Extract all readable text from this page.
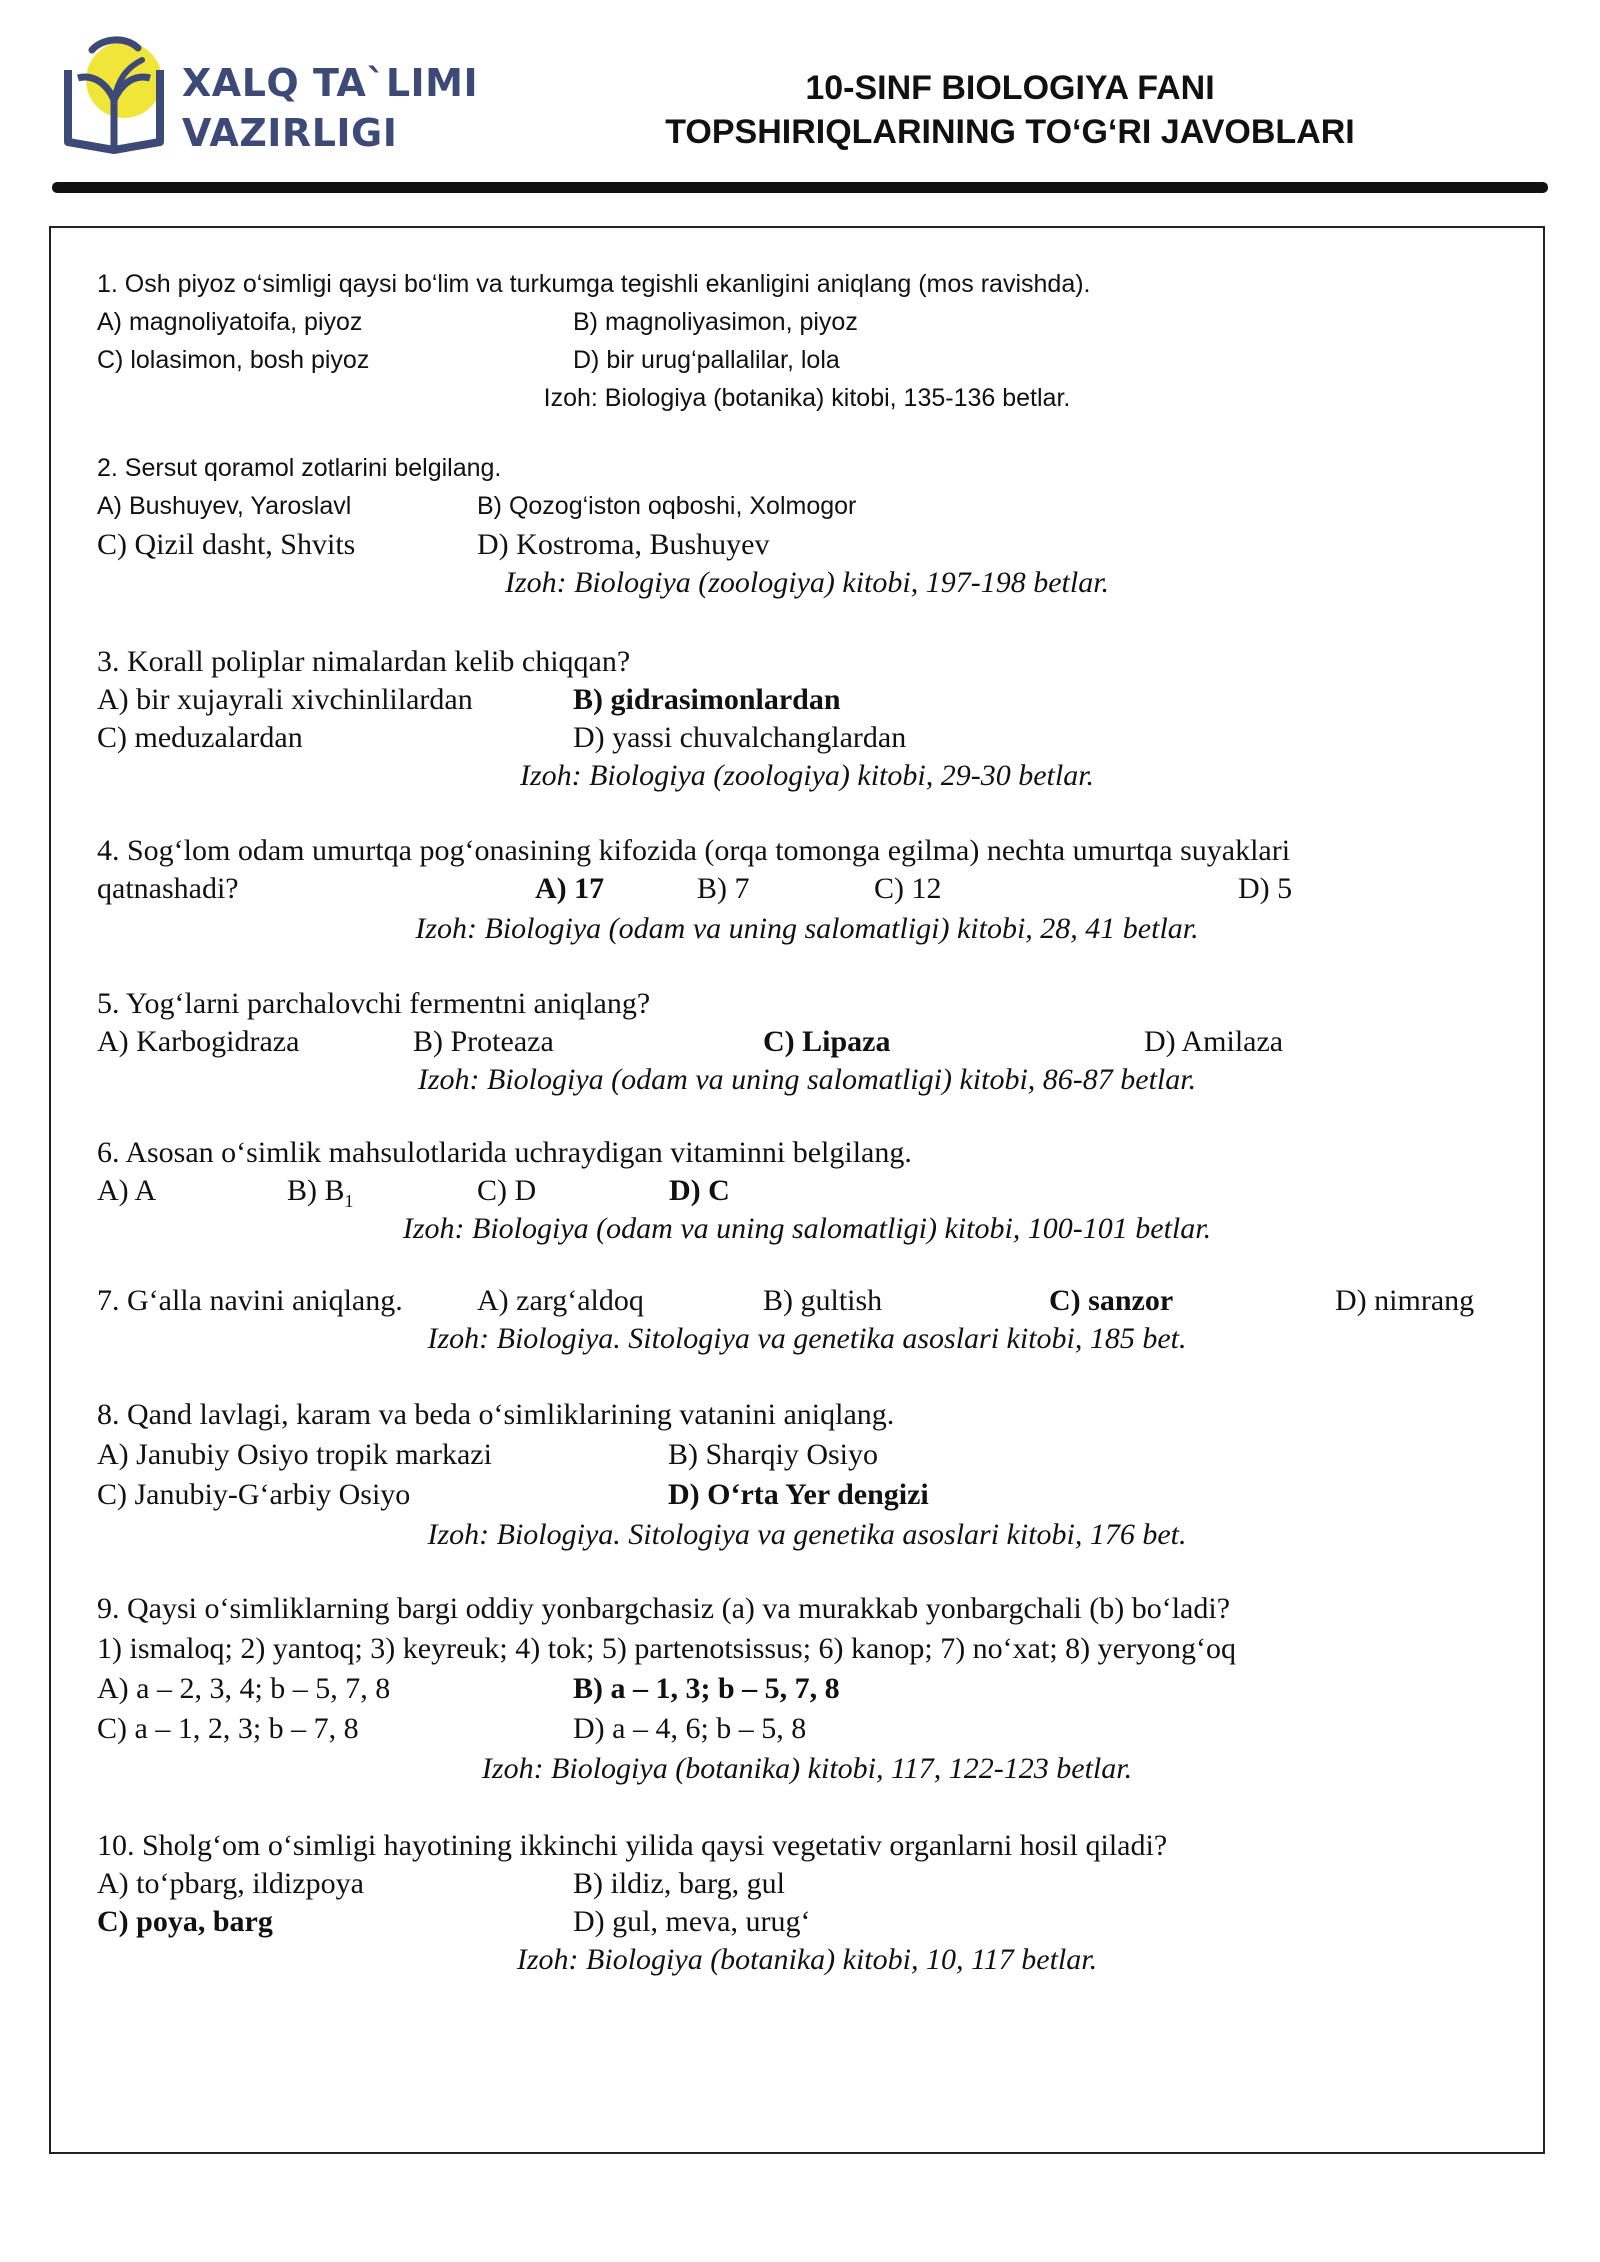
XALQ TA`LIMI
VAZIRLIGI
10-SINF BIOLOGIYA FANI
TOPSHIRIQLARINING TO‘G‘RI JAVOBLARI
1. Osh piyoz o‘simligi qaysi bo‘lim va turkumga tegishli ekanligini aniqlang (mos ravishda).
A) magnoliyatoifa, piyoz	B) magnoliyasimon, piyoz
C) lolasimon, bosh piyoz	D) bir urug‘pallalilar, lola
Izoh: Biologiya (botanika) kitobi, 135-136 betlar.
2. Sersut qoramol zotlarini belgilang.
A) Bushuyev, Yaroslavl	B) Qozog‘iston oqboshi, Xolmogor
C) Qizil dasht, Shvits	D) Kostroma, Bushuyev
Izoh: Biologiya (zoologiya) kitobi, 197-198 betlar.
3. Korall poliplar nimalardan kelib chiqqan?
A) bir xujayrali xivchinlilardan	B) gidrasimonlardan
C) meduzalardan	D) yassi chuvalchanglardan
Izoh: Biologiya (zoologiya) kitobi, 29-30 betlar.
4. Sog‘lom odam umurtqa pog‘onasining kifozida (orqa tomonga egilma) nechta umurtqa suyaklari
qatnashadi?	A) 17	B) 7	C) 12	D) 5
Izoh: Biologiya (odam va uning salomatligi) kitobi, 28, 41 betlar.
5. Yog‘larni parchalovchi fermentni aniqlang?
A) Karbogidraza	B) Proteaza	C) Lipaza	D) Amilaza
Izoh: Biologiya (odam va uning salomatligi) kitobi, 86-87 betlar.
6. Asosan o‘simlik mahsulotlarida uchraydigan vitaminni belgilang.
A) A	B) $B_1$	C) D	D) C
Izoh: Biologiya (odam va uning salomatligi) kitobi, 100-101 betlar.
7. G‘alla navini aniqlang. A) zarg‘aldoq	B) gultish	C) sanzor	D) nimrang
Izoh: Biologiya. Sitologiya va genetika asoslari kitobi, 185 bet.
8. Qand lavlagi, karam va beda o‘simliklarining vatanini aniqlang.
A) Janubiy Osiyo tropik markazi	B) Sharqiy Osiyo
C) Janubiy-G‘arbiy Osiyo	D) O‘rta Yer dengizi
Izoh: Biologiya. Sitologiya va genetika asoslari kitobi, 176 bet.
9. Qaysi o‘simliklarning bargi oddiy yonbargchasiz (a) va murakkab yonbargchali (b) bo‘ladi?
1) ismaloq; 2) yantoq; 3) keyreuk; 4) tok; 5) partenotsissus; 6) kanop; 7) no‘xat; 8) yeryong‘oq
A) a – 2, 3, 4; b – 5, 7, 8	B) a – 1, 3; b – 5, 7, 8
C) a – 1, 2, 3; b – 7, 8	D) a – 4, 6; b – 5, 8
Izoh: Biologiya (botanika) kitobi, 117, 122-123 betlar.
10. Sholg‘om o‘simligi hayotining ikkinchi yilida qaysi vegetativ organlarni hosil qiladi?
A) to‘pbarg, ildizpoya	B) ildiz, barg, gul
C) poya, barg	D) gul, meva, urug‘
Izoh: Biologiya (botanika) kitobi, 10, 117 betlar.
